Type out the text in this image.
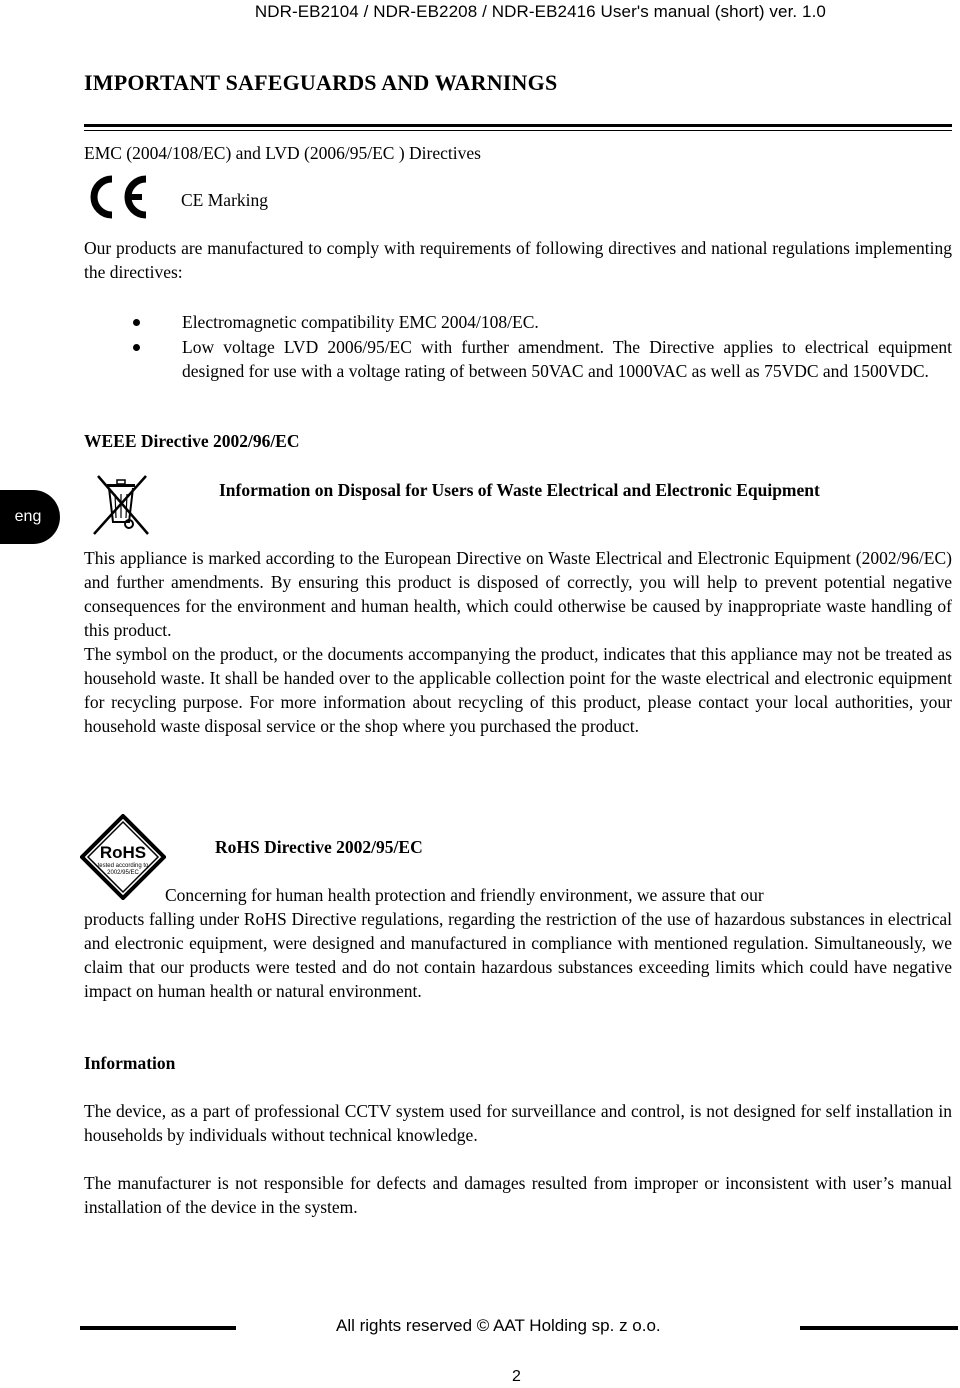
NDR-EB2104 / NDR-EB2208 / NDR-EB2416 User's manual (short) ver. 1.0
IMPORTANT SAFEGUARDS AND WARNINGS
EMC (2004/108/EC) and LVD (2006/95/EC ) Directives
CE Marking
Our products are manufactured to comply with requirements of following directives and national regulations implementing the directives:
Electromagnetic compatibility EMC 2004/108/EC.
Low voltage LVD 2006/95/EC with further amendment. The Directive applies to electrical equipment designed for use with a voltage rating of between 50VAC and 1000VAC as well as 75VDC and 1500VDC.
WEEE Directive 2002/96/EC
Information on Disposal for Users of Waste Electrical and Electronic Equipment
eng
This appliance is marked according to the European Directive on Waste Electrical and Electronic Equipment (2002/96/EC) and further amendments. By ensuring this product is disposed of correctly, you will help to prevent potential negative consequences for the environment and human health, which could otherwise be caused by inappropriate waste handling of this product.
The symbol on the product, or the documents accompanying the product, indicates that this appliance may not be treated as household waste. It shall be handed over to the applicable collection point for the waste electrical and electronic equipment for recycling purpose. For more information about recycling of this product, please contact your local authorities, your household waste disposal service or the shop where you purchased the product.
RoHS
tested according to
2002/95/EC
RoHS Directive 2002/95/EC
Concerning for human health protection and friendly environment, we assure that our
products falling under RoHS Directive regulations, regarding the restriction of the use of hazardous substances in electrical and electronic equipment, were designed and manufactured in compliance with mentioned regulation. Simultaneously, we claim that our products were tested and do not contain hazardous substances exceeding limits which could have negative impact on human health or natural environment.
Information
The device, as a part of professional CCTV system used for surveillance and control, is not designed for self installation in households by individuals without technical knowledge.
The manufacturer is not responsible for defects and damages resulted from improper or inconsistent with user’s manual installation of the device in the system.
All rights reserved © AAT Holding sp. z o.o.
2
